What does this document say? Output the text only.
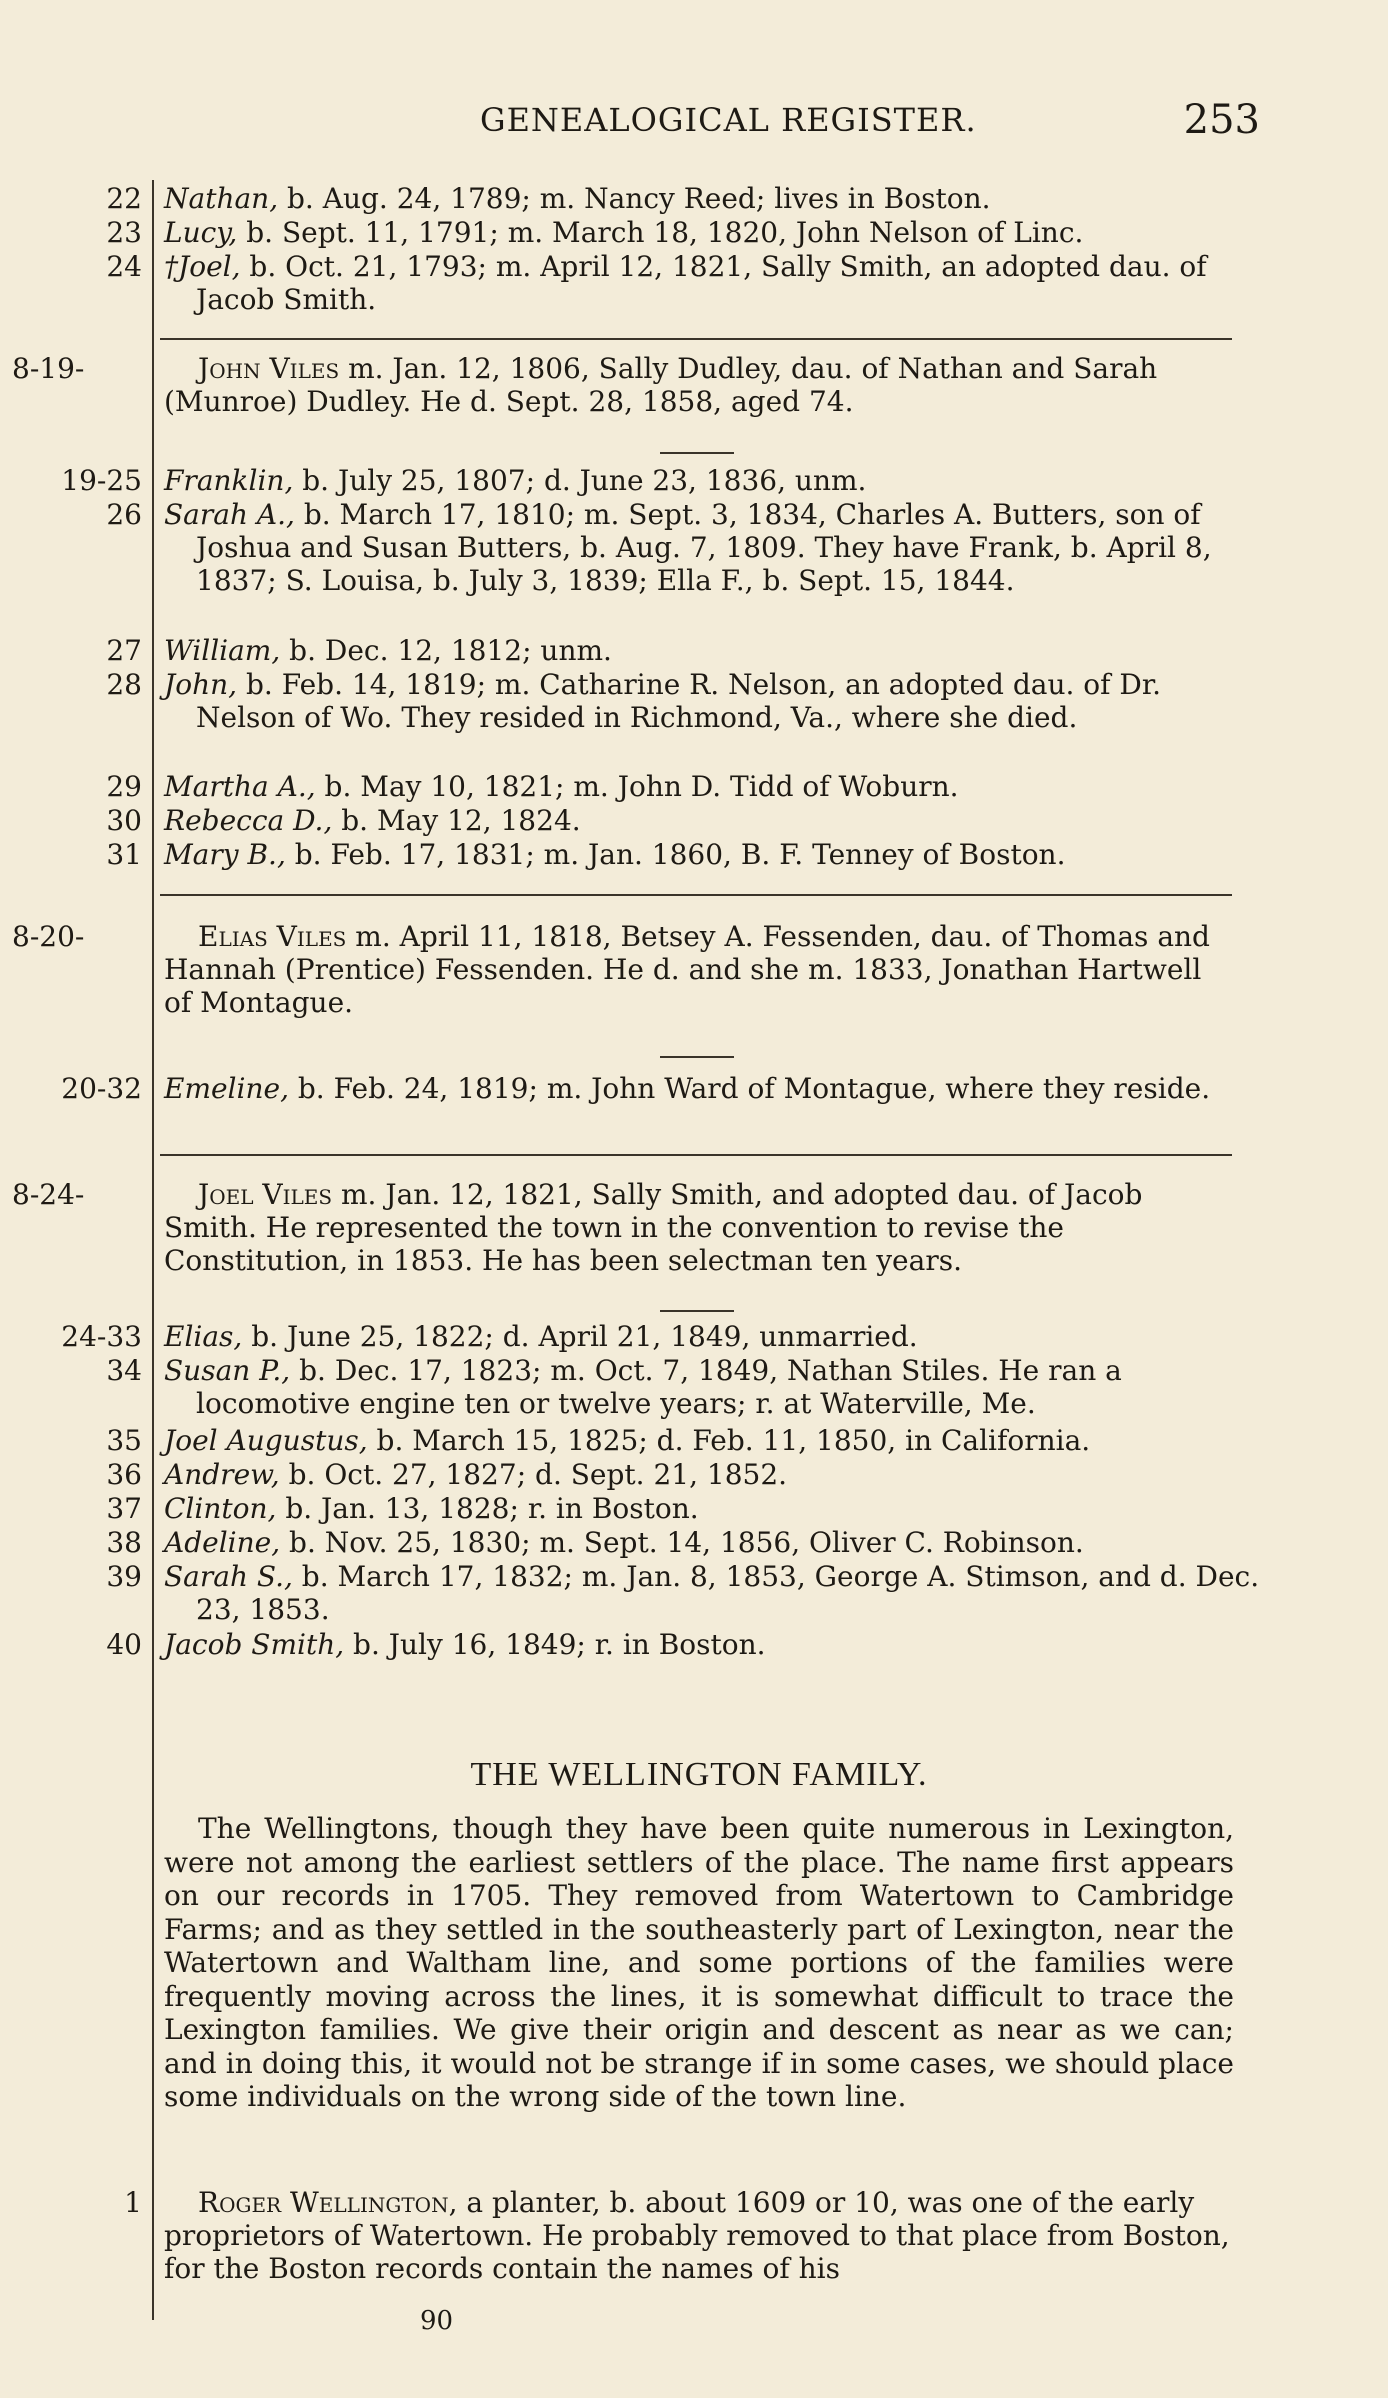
GENEALOGICAL REGISTER.	253
22 Nathan, b. Aug. 24, 1789; m. Nancy Reed; lives in Boston.
23 Lucy, b. Sept. 11, 1791; m. March 18, 1820, John Nelson of Linc.
24 †Joel, b. Oct. 21, 1793; m. April 12, 1821, Sally Smith, an adopted dau. of Jacob Smith.
8-19-	John Viles m. Jan. 12, 1806, Sally Dudley, dau. of Nathan and Sarah (Munroe) Dudley. He d. Sept. 28, 1858, aged 74.
19-25 Franklin, b. July 25, 1807; d. June 23, 1836, unm.
26 Sarah A., b. March 17, 1810; m. Sept. 3, 1834, Charles A. Butters, son of Joshua and Susan Butters, b. Aug. 7, 1809. They have Frank, b. April 8, 1837; S. Louisa, b. July 3, 1839; Ella F., b. Sept. 15, 1844.
27 William, b. Dec. 12, 1812; unm.
28 John, b. Feb. 14, 1819; m. Catharine R. Nelson, an adopted dau. of Dr. Nelson of Wo. They resided in Richmond, Va., where she died.
29 Martha A., b. May 10, 1821; m. John D. Tidd of Woburn.
30 Rebecca D., b. May 12, 1824.
31 Mary B., b. Feb. 17, 1831; m. Jan. 1860, B. F. Tenney of Boston.
8-20-	Elias Viles m. April 11, 1818, Betsey A. Fessenden, dau. of Thomas and Hannah (Prentice) Fessenden. He d. and she m. 1833, Jonathan Hartwell of Montague.
20-32 Emeline, b. Feb. 24, 1819; m. John Ward of Montague, where they reside.
8-24-	Joel Viles m. Jan. 12, 1821, Sally Smith, and adopted dau. of Jacob Smith. He represented the town in the convention to revise the Constitution, in 1853. He has been selectman ten years.
24-33 Elias, b. June 25, 1822; d. April 21, 1849, unmarried.
34 Susan P., b. Dec. 17, 1823; m. Oct. 7, 1849, Nathan Stiles. He ran a locomotive engine ten or twelve years; r. at Waterville, Me.
35 Joel Augustus, b. March 15, 1825; d. Feb. 11, 1850, in California.
36 Andrew, b. Oct. 27, 1827; d. Sept. 21, 1852.
37 Clinton, b. Jan. 13, 1828; r. in Boston.
38 Adeline, b. Nov. 25, 1830; m. Sept. 14, 1856, Oliver C. Robinson.
39 Sarah S., b. March 17, 1832; m. Jan. 8, 1853, George A. Stimson, and d. Dec. 23, 1853.
40 Jacob Smith, b. July 16, 1849; r. in Boston.
THE WELLINGTON FAMILY.
The Wellingtons, though they have been quite numerous in Lexington, were not among the earliest settlers of the place. The name first appears on our records in 1705. They removed from Watertown to Cambridge Farms; and as they settled in the southeasterly part of Lexington, near the Watertown and Waltham line, and some portions of the families were frequently moving across the lines, it is somewhat difficult to trace the Lexington families. We give their origin and descent as near as we can; and in doing this, it would not be strange if in some cases, we should place some individuals on the wrong side of the town line.
1	Roger Wellington, a planter, b. about 1609 or 10, was one of the early proprietors of Watertown. He probably removed to that place from Boston, for the Boston records contain the names of his
90
